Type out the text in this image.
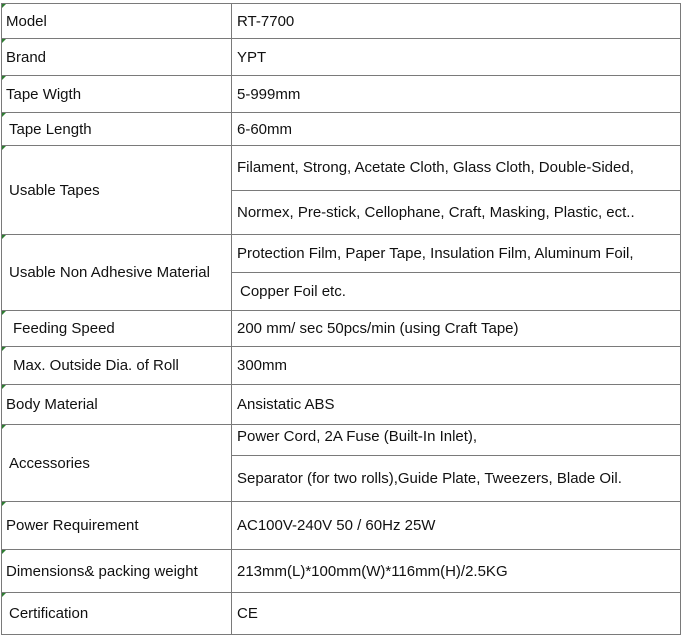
Model	RT-7700

Brand	YPT

Tape Wigth	5-999mm

Tape Length	6-60mm

Usable Tapes	Filament, Strong, Acetate Cloth, Glass Cloth, Double-Sided,
Normex, Pre-stick, Cellophane, Craft, Masking, Plastic, ect..

Usable Non Adhesive Material	Protection Film, Paper Tape, Insulation Film, Aluminum Foil,
Copper Foil etc.

Feeding Speed	200 mm/ sec 50pcs/min (using Craft Tape)

Max. Outside Dia. of Roll	300mm

Body Material	Ansistatic ABS

Accessories	Power Cord, 2A Fuse (Built-In Inlet),
Separator (for two rolls),Guide Plate, Tweezers, Blade Oil.

Power Requirement	AC100V-240V 50 / 60Hz 25W

Dimensions& packing weight	213mm(L)*100mm(W)*116mm(H)/2.5KG

Certification	CE
